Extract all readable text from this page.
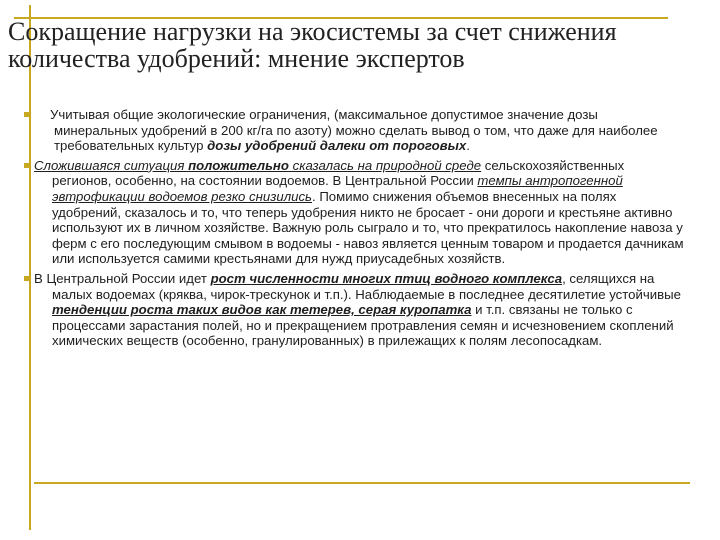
Сокращение нагрузки на экосистемы за счет снижения количества удобрений: мнение экспертов

Учитывая общие экологические ограничения, (максимальное допустимое значение дозы минеральных удобрений в 200 кг/га по азоту) можно сделать вывод о том, что даже для наиболее требовательных культур дозы удобрений далеки от пороговых.

Сложившаяся ситуация положительно сказалась на природной среде сельскохозяйственных регионов, особенно, на состоянии водоемов. В Центральной России темпы антропогенной эвтрофикации водоемов резко снизились. Помимо снижения объемов внесенных на полях удобрений, сказалось и то, что теперь удобрения никто не бросает - они дороги и крестьяне активно используют их в личном хозяйстве. Важную роль сыграло и то, что прекратилось накопление навоза у ферм с его последующим смывом в водоемы - навоз является ценным товаром и продается дачникам или используется самими крестьянами для нужд приусадебных хозяйств.

В Центральной России идет рост численности многих птиц водного комплекса, селящихся на малых водоемах (кряква, чирок-трескунок и т.п.). Наблюдаемые в последнее десятилетие устойчивые тенденции роста таких видов как тетерев, серая куропатка и т.п. связаны не только с процессами зарастания полей, но и прекращением протравления семян и исчезновением скоплений химических веществ (особенно, гранулированных) в прилежащих к полям лесопосадкам.
